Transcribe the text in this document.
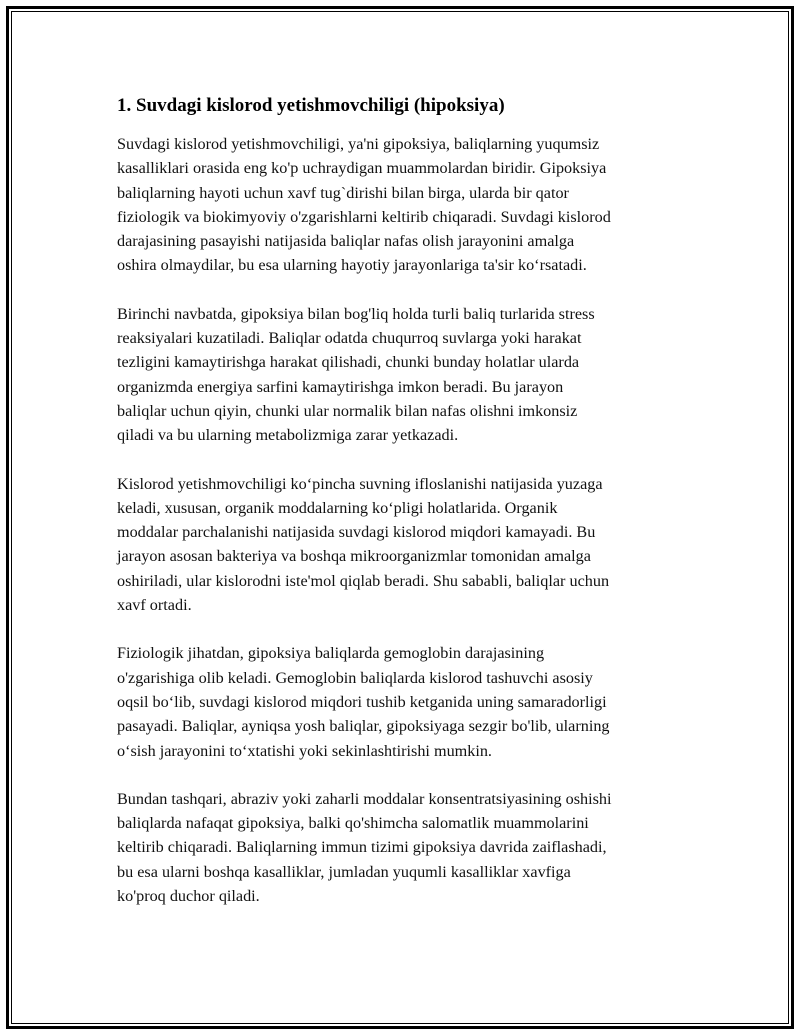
1. Suvdagi kislorod yetishmovchiligi (hipoksiya)

Suvdagi kislorod yetishmovchiligi, ya'ni gipoksiya, baliqlarning yuqumsiz
kasalliklari orasida eng ko'p uchraydigan muammolardan biridir. Gipoksiya
baliqlarning hayoti uchun xavf tug`dirishi bilan birga, ularda bir qator
fiziologik va biokimyoviy o'zgarishlarni keltirib chiqaradi. Suvdagi kislorod
darajasining pasayishi natijasida baliqlar nafas olish jarayonini amalga
oshira olmaydilar, bu esa ularning hayotiy jarayonlariga ta'sir koʻrsatadi.

Birinchi navbatda, gipoksiya bilan bog'liq holda turli baliq turlarida stress
reaksiyalari kuzatiladi. Baliqlar odatda chuqurroq suvlarga yoki harakat
tezligini kamaytirishga harakat qilishadi, chunki bunday holatlar ularda
organizmda energiya sarfini kamaytirishga imkon beradi. Bu jarayon
baliqlar uchun qiyin, chunki ular normalik bilan nafas olishni imkonsiz
qiladi va bu ularning metabolizmiga zarar yetkazadi.

Kislorod yetishmovchiligi koʻpincha suvning ifloslanishi natijasida yuzaga
keladi, xususan, organik moddalarning koʻpligi holatlarida. Organik
moddalar parchalanishi natijasida suvdagi kislorod miqdori kamayadi. Bu
jarayon asosan bakteriya va boshqa mikroorganizmlar tomonidan amalga
oshiriladi, ular kislorodni iste'mol qiqlab beradi. Shu sababli, baliqlar uchun
xavf ortadi.

Fiziologik jihatdan, gipoksiya baliqlarda gemoglobin darajasining
o'zgarishiga olib keladi. Gemoglobin baliqlarda kislorod tashuvchi asosiy
oqsil boʻlib, suvdagi kislorod miqdori tushib ketganida uning samaradorligi
pasayadi. Baliqlar, ayniqsa yosh baliqlar, gipoksiyaga sezgir bo'lib, ularning
oʻsish jarayonini toʻxtatishi yoki sekinlashtirishi mumkin.

Bundan tashqari, abraziv yoki zaharli moddalar konsentratsiyasining oshishi
baliqlarda nafaqat gipoksiya, balki qo'shimcha salomatlik muammolarini
keltirib chiqaradi. Baliqlarning immun tizimi gipoksiya davrida zaiflashadi,
bu esa ularni boshqa kasalliklar, jumladan yuqumli kasalliklar xavfiga
ko'proq duchor qiladi.
